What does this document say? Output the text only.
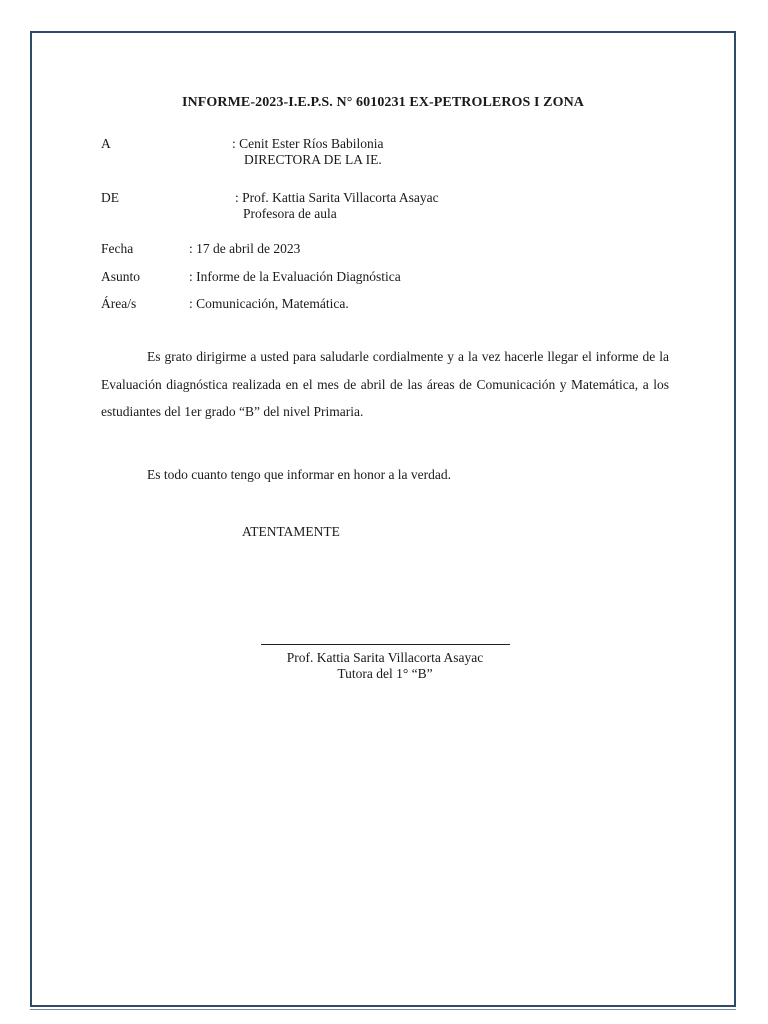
INFORME-2023-I.E.P.S. N° 6010231 EX-PETROLEROS I ZONA
A	: Cenit Ester Ríos Babilonia
DIRECTORA DE LA IE.
DE	: Prof. Kattia Sarita Villacorta Asayac
Profesora de aula
Fecha	: 17 de abril de 2023
Asunto	: Informe de la Evaluación Diagnóstica
Área/s	: Comunicación, Matemática.
Es grato dirigirme a usted para saludarle cordialmente y a la vez hacerle llegar el informe de la Evaluación diagnóstica realizada en el mes de abril de las áreas de Comunicación y Matemática, a los estudiantes del 1er grado “B” del nivel Primaria.
Es todo cuanto tengo que informar en honor a la verdad.
ATENTAMENTE
Prof. Kattia Sarita Villacorta Asayac
Tutora del 1° “B”
